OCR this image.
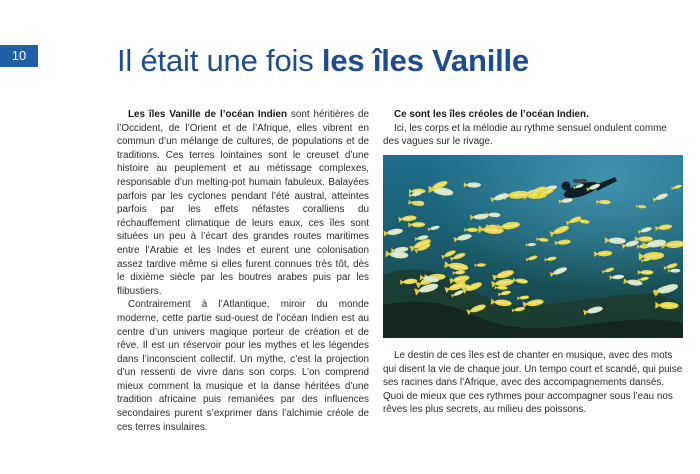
10	Il était une fois les îles Vanille

Les îles Vanille de l’océan Indien sont héritières de l’Occident, de l’Orient et de l’Afrique, elles vibrent en commun d’un mélange de cultures, de populations et de traditions. Ces terres lointaines sont le creuset d’une histoire au peuplement et au métissage complexes, responsable d’un melting-pot humain fabuleux. Balayées parfois par les cyclones pendant l’été austral, atteintes parfois par les effets néfastes coralliens du réchauffement climatique de leurs eaux, ces îles sont situées un peu à l’écart des grandes routes maritimes entre l’Arabie et les Indes et eurent une colonisation assez tardive même si elles furent connues très tôt, dès le dixième siècle par les boutres arabes puis par les flibustiers.

Contrairement à l’Atlantique, miroir du monde moderne, cette partie sud-ouest de l’océan Indien est au centre d’un univers magique porteur de création et de rêve. Il est un réservoir pour les mythes et les légendes dans l’inconscient collectif. Un mythe, c’est la projection d’un ressenti de vivre dans son corps. L’on comprend mieux comment la musique et la danse héritées d’une tradition africaine puis remaniées par des influences secondaires purent s’exprimer dans l’alchimie créole de ces terres insulaires.

Ce sont les îles créoles de l’océan Indien.

Ici, les corps et la mélodie au rythme sensuel ondulent comme des vagues sur le rivage.

Le destin de ces îles est de chanter en musique, avec des mots qui disent la vie de chaque jour. Un tempo court et scandé, qui puise ses racines dans l’Afrique, avec des accompagnements dansés. Quoi de mieux que ces rythmes pour accompagner sous l’eau nos rêves les plus secrets, au milieu des poissons.
